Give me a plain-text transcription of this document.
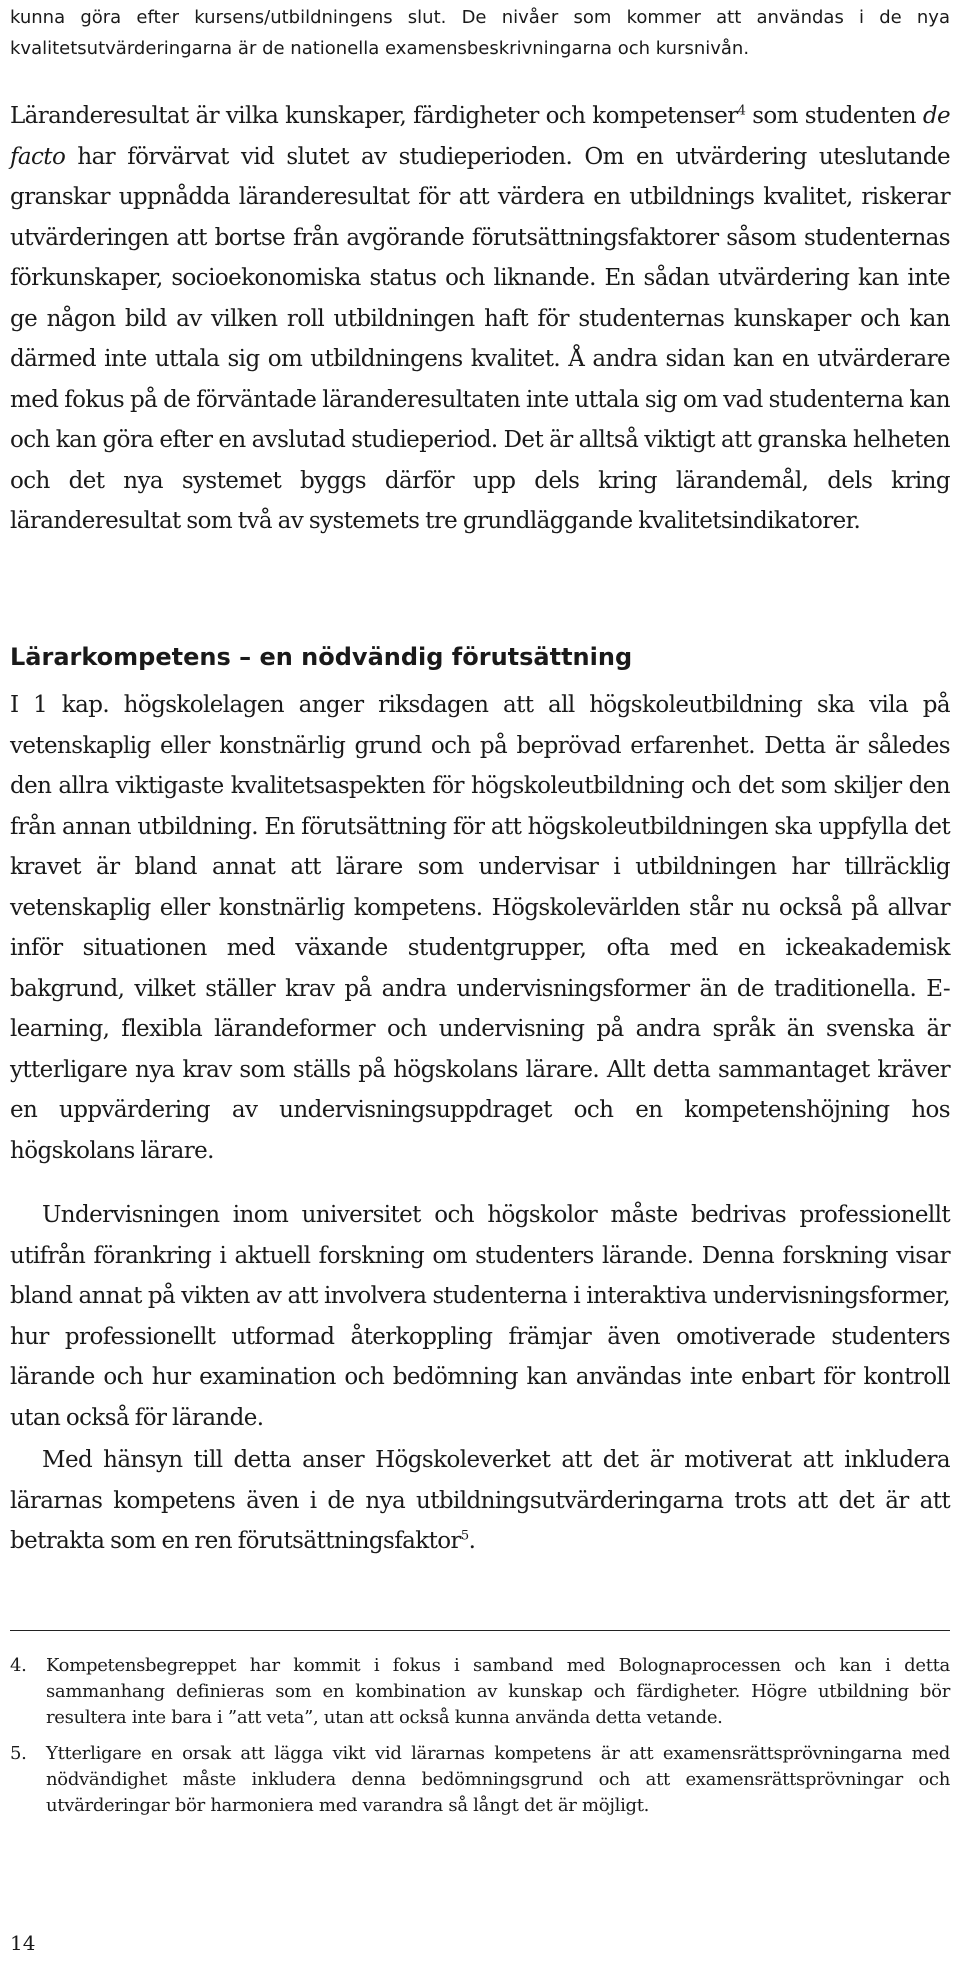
kunna göra efter kursens/utbildningens slut. De nivåer som kommer att användas i de nya kvalitetsutvärderingarna är de nationella examensbeskrivningarna och kursnivån.
Läranderesultat är vilka kunskaper, färdigheter och kompetenser$^4$ som studenten de facto har förvärvat vid slutet av studieperioden. Om en utvärdering uteslutande granskar uppnådda läranderesultat för att värdera en utbildnings kvalitet, riskerar utvärderingen att bortse från avgörande förutsättningsfaktorer såsom studenternas förkunskaper, socioekonomiska status och liknande. En sådan utvärdering kan inte ge någon bild av vilken roll utbildningen haft för studenternas kunskaper och kan därmed inte uttala sig om utbildningens kvalitet. Å andra sidan kan en utvärderare med fokus på de förväntade läranderesultaten inte uttala sig om vad studenterna kan och kan göra efter en avslutad studieperiod. Det är alltså viktigt att granska helheten och det nya systemet byggs därför upp dels kring lärandemål, dels kring läranderesultat som två av systemets tre grundläggande kvalitetsindikatorer.
Lärarkompetens – en nödvändig förutsättning
I 1 kap. högskolelagen anger riksdagen att all högskoleutbildning ska vila på vetenskaplig eller konstnärlig grund och på beprövad erfarenhet. Detta är således den allra viktigaste kvalitetsaspekten för högskoleutbildning och det som skiljer den från annan utbildning. En förutsättning för att högskoleutbildningen ska uppfylla det kravet är bland annat att lärare som undervisar i utbildningen har tillräcklig vetenskaplig eller konstnärlig kompetens. Högskolevärlden står nu också på allvar inför situationen med växande studentgrupper, ofta med en ickeakademisk bakgrund, vilket ställer krav på andra undervisningsformer än de traditionella. E-learning, flexibla lärandeformer och undervisning på andra språk än svenska är ytterligare nya krav som ställs på högskolans lärare. Allt detta sammantaget kräver en uppvärdering av undervisningsuppdraget och en kompetenshöjning hos högskolans lärare.
Undervisningen inom universitet och högskolor måste bedrivas professionellt utifrån förankring i aktuell forskning om studenters lärande. Denna forskning visar bland annat på vikten av att involvera studenterna i interaktiva undervisningsformer, hur professionellt utformad återkoppling främjar även omotiverade studenters lärande och hur examination och bedömning kan användas inte enbart för kontroll utan också för lärande.
Med hänsyn till detta anser Högskoleverket att det är motiverat att inkludera lärarnas kompetens även i de nya utbildningsutvärderingarna trots att det är att betrakta som en ren förutsättningsfaktor$^5$.
4.	Kompetensbegreppet har kommit i fokus i samband med Bolognaprocessen och kan i detta sammanhang definieras som en kombination av kunskap och färdigheter. Högre utbildning bör resultera inte bara i ”att veta”, utan att också kunna använda detta vetande.
5.	Ytterligare en orsak att lägga vikt vid lärarnas kompetens är att examensrättsprövningarna med nödvändighet måste inkludera denna bedömningsgrund och att examensrättsprövningar och utvärderingar bör harmoniera med varandra så långt det är möjligt.
14
